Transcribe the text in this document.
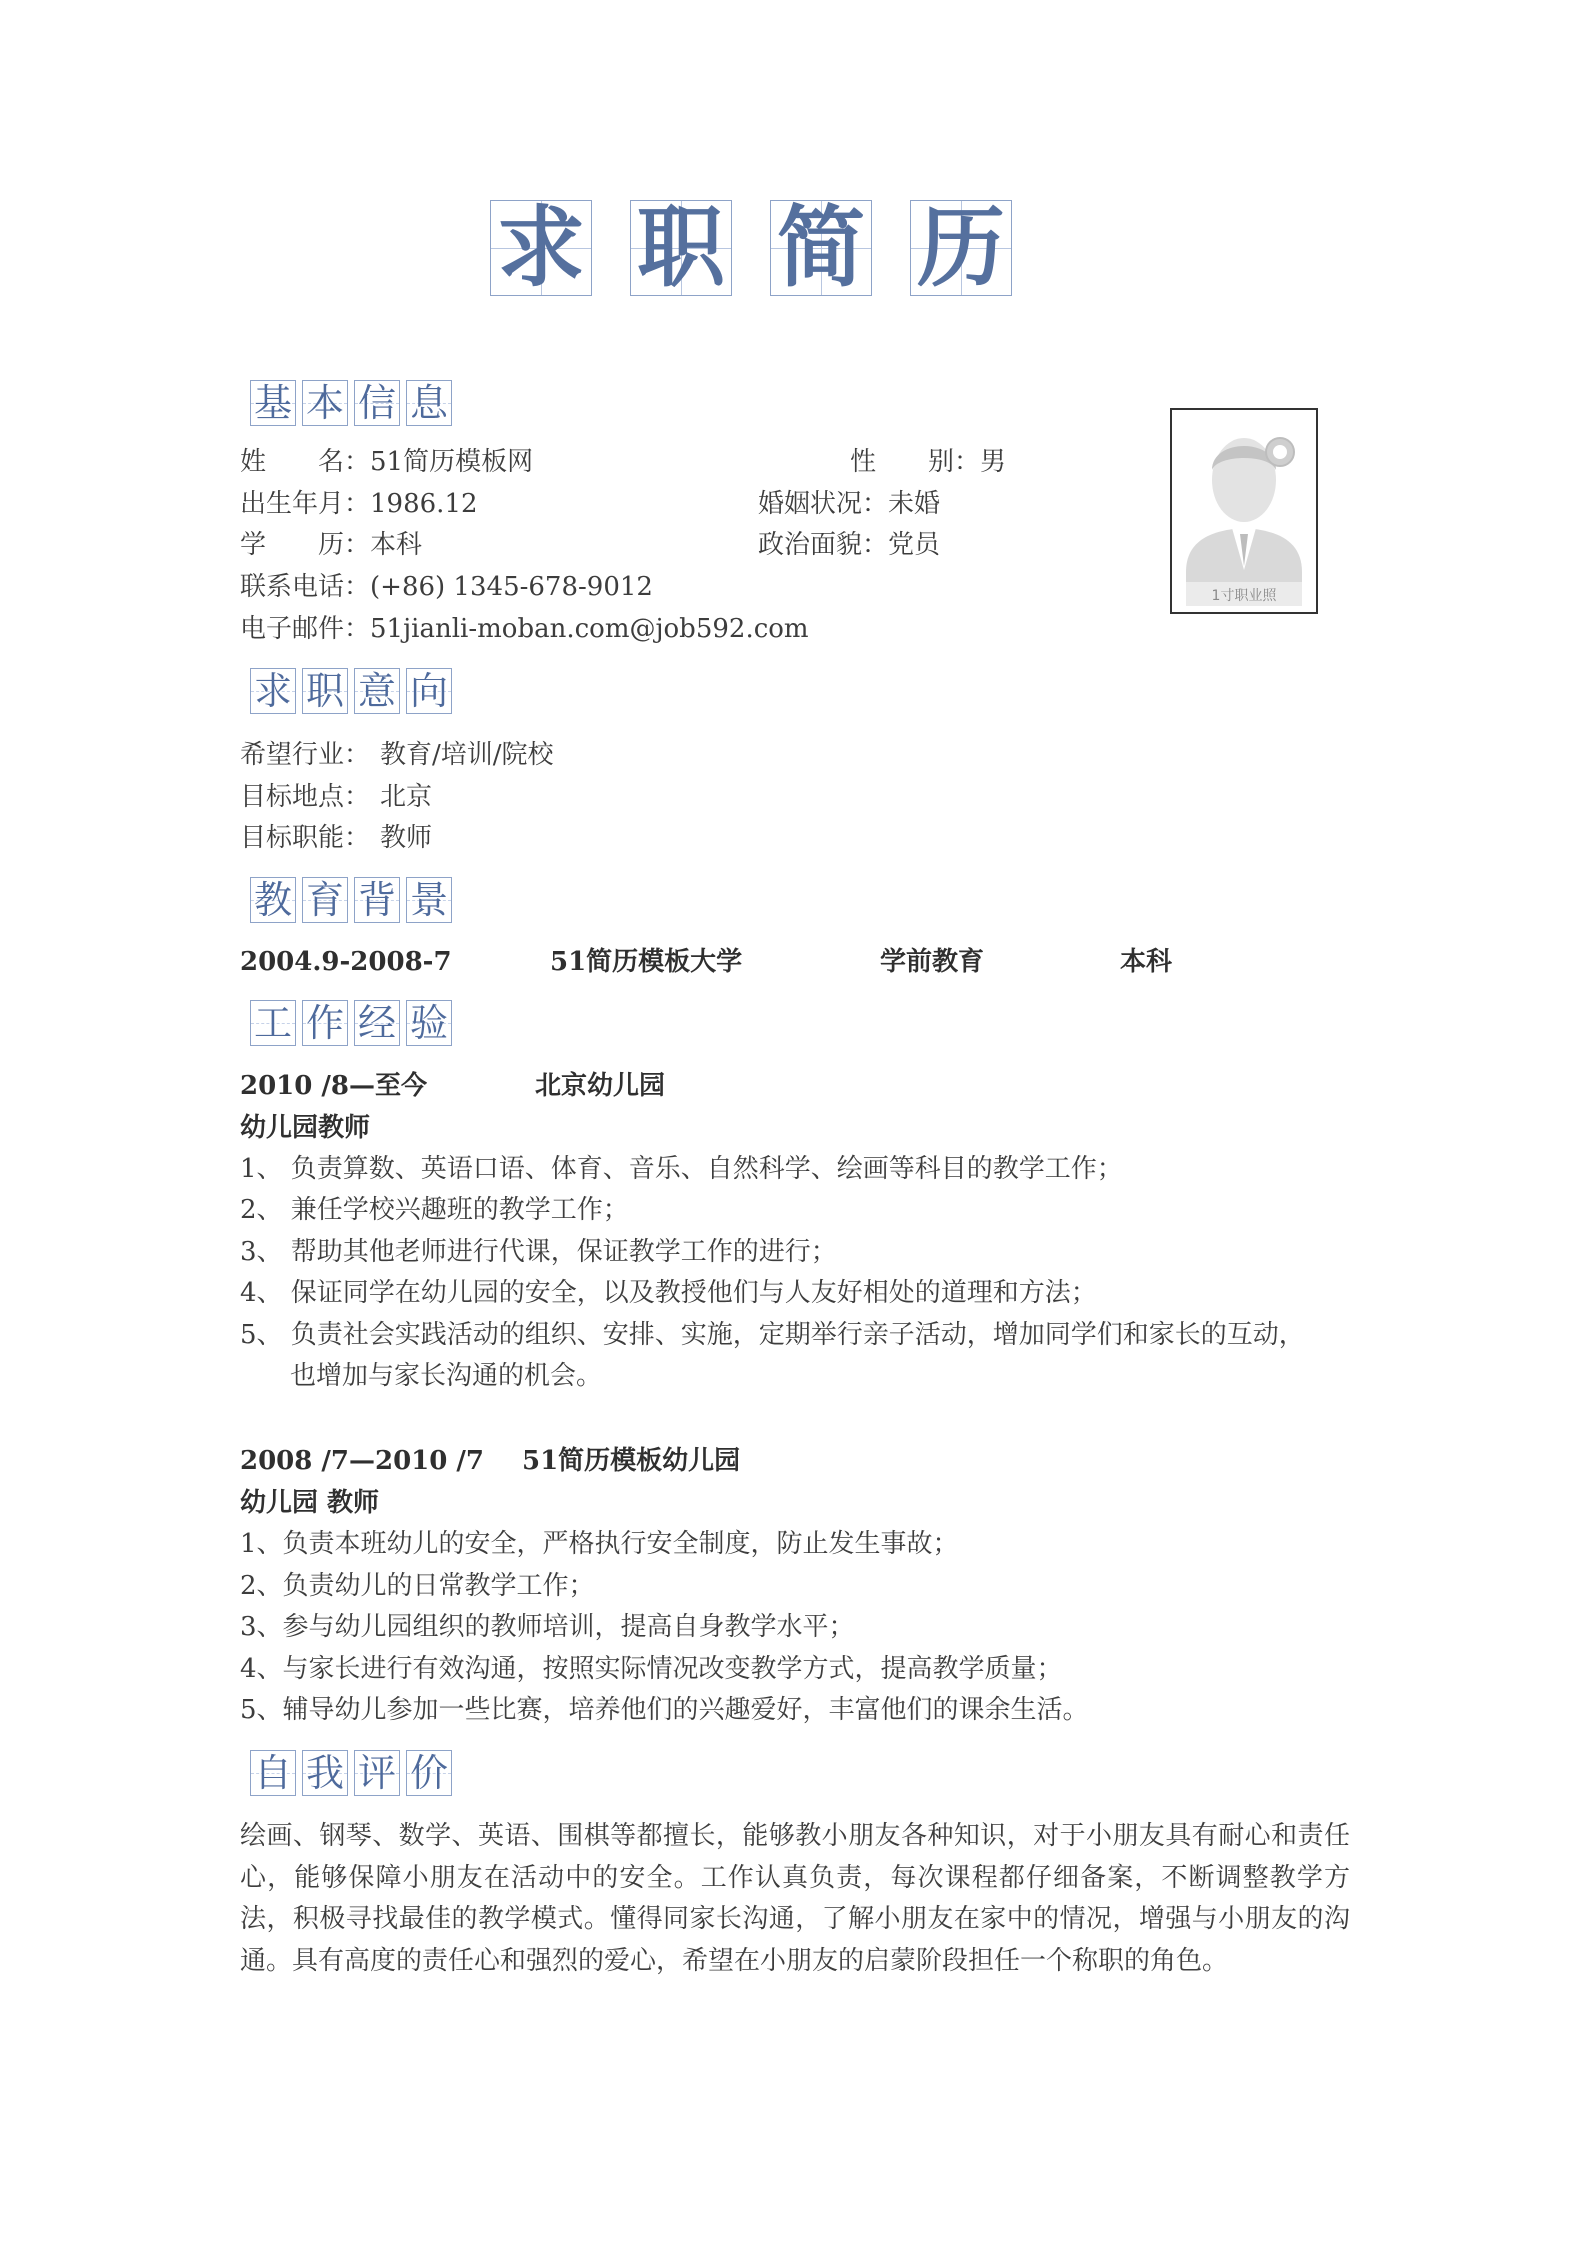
求 职 简 历
基 本 信 息
姓　　名：51简历模板网	性　　别：男
出生年月：1986.12	婚姻状况：未婚
学　　历：本科	政治面貌：党员
联系电话：(+86) 1345-678-9012
电子邮件：51jianli-moban.com@job592.com
1寸职业照
求 职 意 向
希望行业： 教育/培训/院校
目标地点： 北京
目标职能： 教师
教 育 背 景
2004.9-2008-7	51简历模板大学	学前教育	本科
工 作 经 验
2010 /8—至今	北京幼儿园
幼儿园教师
1、 负责算数、英语口语、体育、音乐、自然科学、绘画等科目的教学工作；
2、 兼任学校兴趣班的教学工作；
3、 帮助其他老师进行代课，保证教学工作的进行；
4、 保证同学在幼儿园的安全，以及教授他们与人友好相处的道理和方法；
5、 负责社会实践活动的组织、安排、实施，定期举行亲子活动，增加同学们和家长的互动，
也增加与家长沟通的机会。
2008 /7—2010 /7 51简历模板幼儿园
幼儿园 教师
1、负责本班幼儿的安全，严格执行安全制度，防止发生事故；
2、负责幼儿的日常教学工作；
3、参与幼儿园组织的教师培训，提高自身教学水平；
4、与家长进行有效沟通，按照实际情况改变教学方式，提高教学质量；
5、辅导幼儿参加一些比赛，培养他们的兴趣爱好，丰富他们的课余生活。
自 我 评 价
绘画、钢琴、数学、英语、围棋等都擅长，能够教小朋友各种知识，对于小朋友具有耐心和责任心，能够保障小朋友在活动中的安全。工作认真负责，每次课程都仔细备案，不断调整教学方法，积极寻找最佳的教学模式。懂得同家长沟通，了解小朋友在家中的情况，增强与小朋友的沟通。具有高度的责任心和强烈的爱心，希望在小朋友的启蒙阶段担任一个称职的角色。
